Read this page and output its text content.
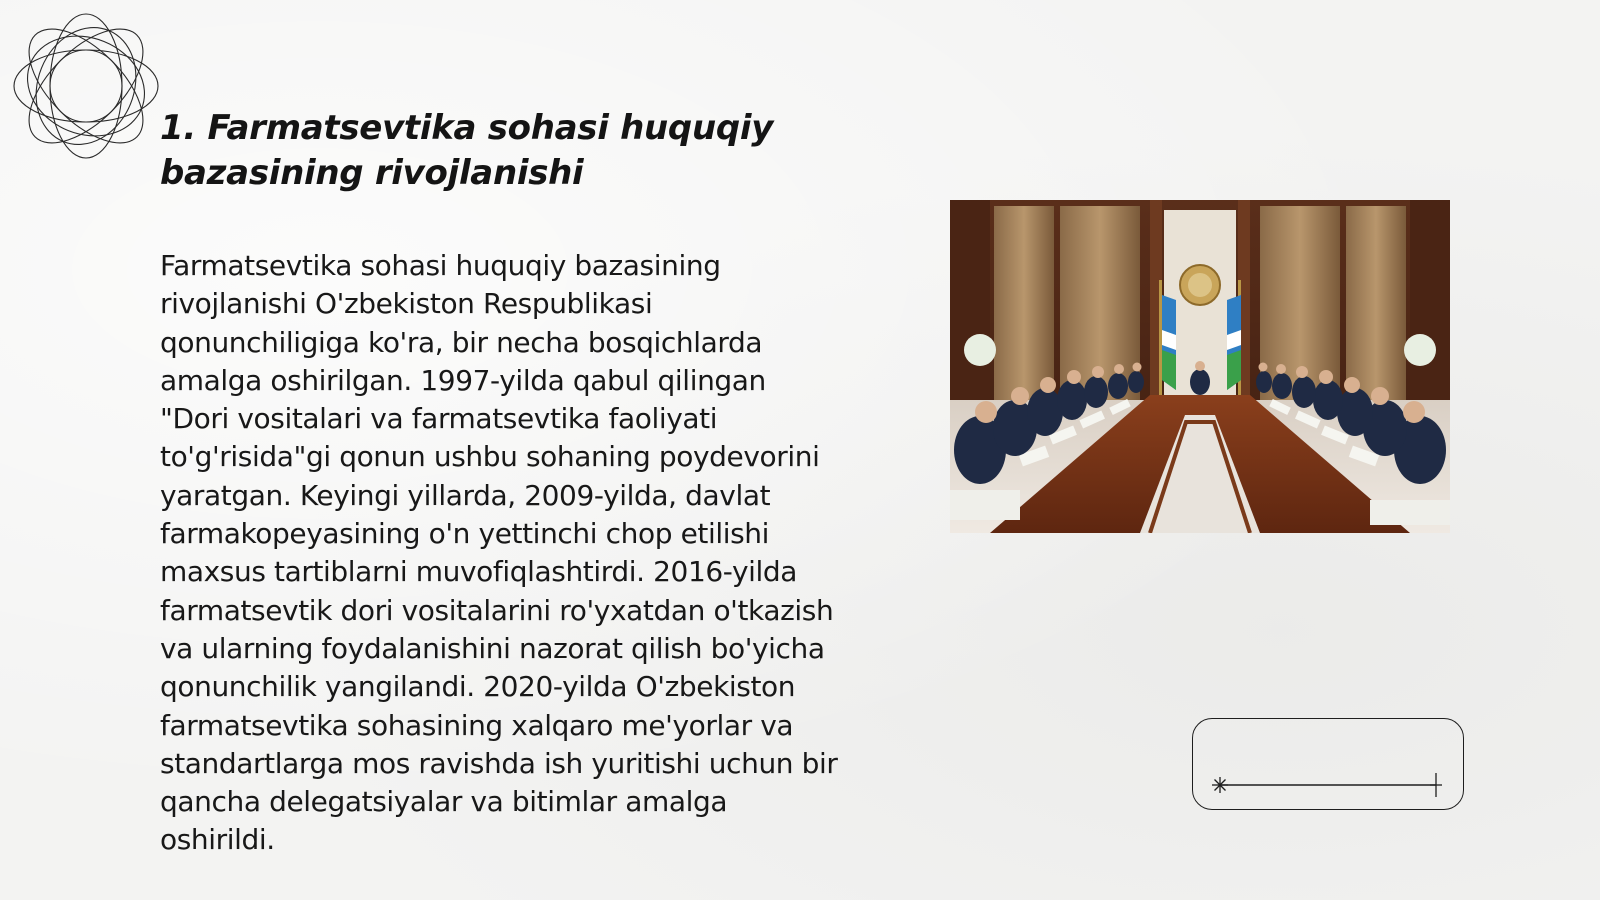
1. Farmatsevtika sohasi huquqiy bazasining rivojlanishi

Farmatsevtika sohasi huquqiy bazasining rivojlanishi O'zbekiston Respublikasi qonunchiligiga ko'ra, bir necha bosqichlarda amalga oshirilgan. 1997-yilda qabul qilingan "Dori vositalari va farmatsevtika faoliyati to'g'risida"gi qonun ushbu sohaning poydevorini yaratgan. Keyingi yillarda, 2009-yilda, davlat farmakopeyasining o'n yettinchi chop etilishi maxsus tartiblarni muvofiqlashtirdi. 2016-yilda farmatsevtik dori vositalarini ro'yxatdan o'tkazish va ularning foydalanishini nazorat qilish bo'yicha qonunchilik yangilandi. 2020-yilda O'zbekiston farmatsevtika sohasining xalqaro me'yorlar va standartlarga mos ravishda ish yuritishi uchun bir qancha delegatsiyalar va bitimlar amalga oshirildi.
